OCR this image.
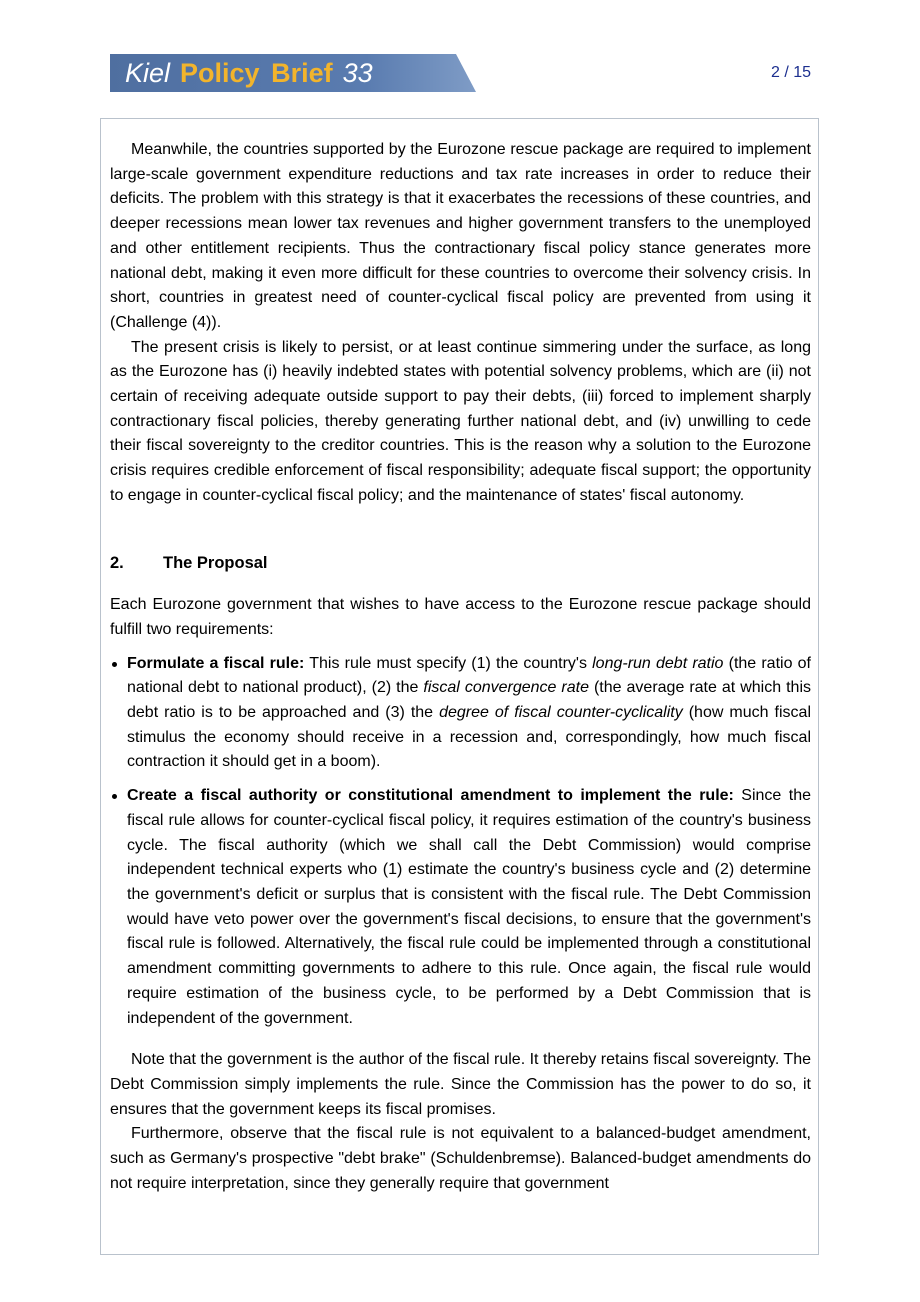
Kiel Policy Brief 33	2 / 15

Meanwhile, the countries supported by the Eurozone rescue package are required to implement large-scale government expenditure reductions and tax rate increases in order to reduce their deficits. The problem with this strategy is that it exacerbates the recessions of these countries, and deeper recessions mean lower tax revenues and higher government transfers to the unemployed and other entitlement recipients. Thus the contractionary fiscal policy stance generates more national debt, making it even more difficult for these countries to overcome their solvency crisis. In short, countries in greatest need of counter-cyclical fiscal policy are prevented from using it (Challenge (4)).

The present crisis is likely to persist, or at least continue simmering under the surface, as long as the Eurozone has (i) heavily indebted states with potential solvency problems, which are (ii) not certain of receiving adequate outside support to pay their debts, (iii) forced to implement sharply contractionary fiscal policies, thereby generating further national debt, and (iv) unwilling to cede their fiscal sovereignty to the creditor countries. This is the reason why a solution to the Eurozone crisis requires credible enforcement of fiscal responsibility; adequate fiscal support; the opportunity to engage in counter-cyclical fiscal policy; and the maintenance of states' fiscal autonomy.

2. The Proposal

Each Eurozone government that wishes to have access to the Eurozone rescue package should fulfill two requirements:

Formulate a fiscal rule: This rule must specify (1) the country's long-run debt ratio (the ratio of national debt to national product), (2) the fiscal convergence rate (the average rate at which this debt ratio is to be approached and (3) the degree of fiscal counter-cyclicality (how much fiscal stimulus the economy should receive in a recession and, correspondingly, how much fiscal contraction it should get in a boom).
Create a fiscal authority or constitutional amendment to implement the rule: Since the fiscal rule allows for counter-cyclical fiscal policy, it requires estimation of the country's business cycle. The fiscal authority (which we shall call the Debt Commission) would comprise independent technical experts who (1) estimate the country's business cycle and (2) determine the government's deficit or surplus that is consistent with the fiscal rule. The Debt Commission would have veto power over the government's fiscal decisions, to ensure that the government's fiscal rule is followed. Alternatively, the fiscal rule could be implemented through a constitutional amendment committing governments to adhere to this rule. Once again, the fiscal rule would require estimation of the business cycle, to be performed by a Debt Commission that is independent of the government.

Note that the government is the author of the fiscal rule. It thereby retains fiscal sovereignty. The Debt Commission simply implements the rule. Since the Commission has the power to do so, it ensures that the government keeps its fiscal promises.

Furthermore, observe that the fiscal rule is not equivalent to a balanced-budget amendment, such as Germany's prospective "debt brake" (Schuldenbremse). Balanced-budget amendments do not require interpretation, since they generally require that government
